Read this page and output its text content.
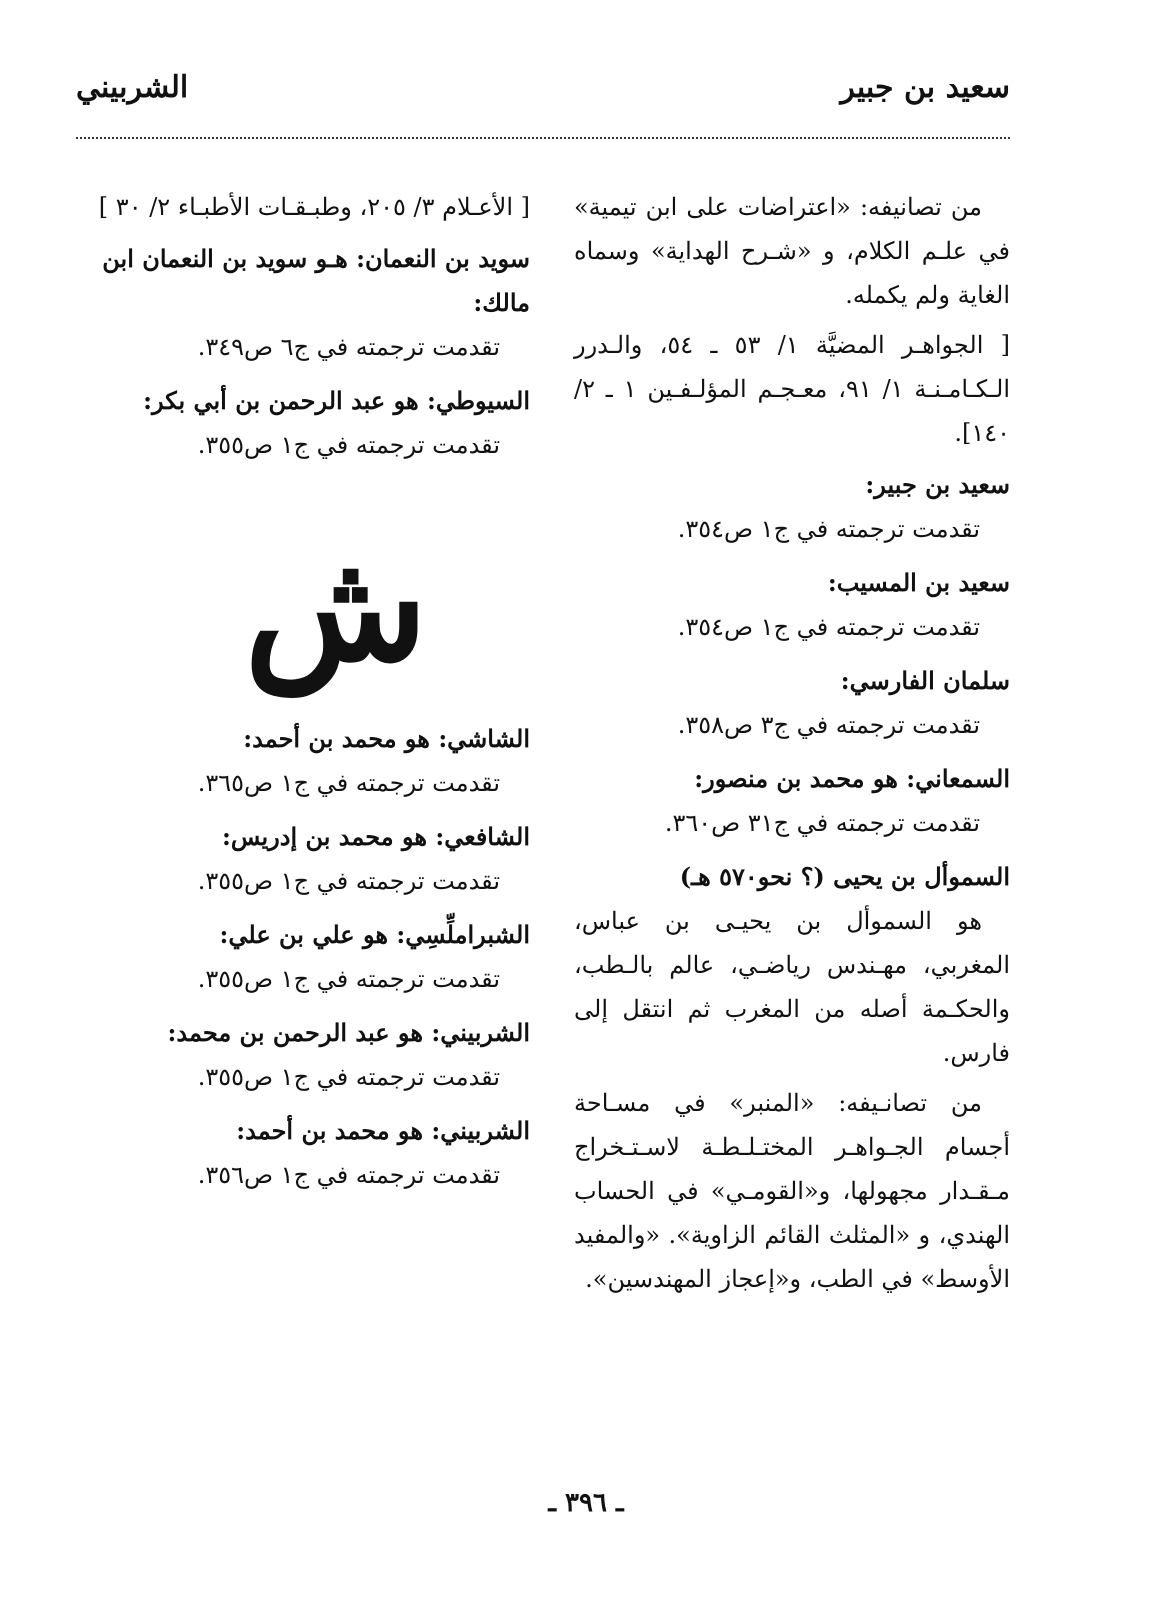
سعيد بن جبير
الشربيني

من تصانيفه: «اعتراضات على ابن تيمية» في علـم الكلام، و «شـرح الهداية» وسماه الغاية ولم يكمله.

[ الجواهـر المضيَّة ١/ ٥٣ ـ ٥٤، والـدرر الـكـامـنـة ١/ ٩١، معـجـم المؤلـفـين ١ ـ ٢/ ١٤٠].

سعيد بن جبير:

تقدمت ترجمته في ج١ ص٣٥٤.

سعيد بن المسيب:

تقدمت ترجمته في ج١ ص٣٥٤.

سلمان الفارسي:

تقدمت ترجمته في ج٣ ص٣٥٨.

السمعاني: هو محمد بن منصور:

تقدمت ترجمته في ج٣١ ص٣٦٠.

السموأل بن يحيى (؟ نحو٥٧٠ هـ)

هو السموأل بن يحيـى بن عباس، المغربي، مهـندس رياضـي، عالم بالـطب، والحكـمة أصله من المغرب ثم انتقل إلى فارس.

من تصانـيفه: «المنبر» في مسـاحة أجسام الجـواهـر المختـلـطـة لاسـتـخراج مـقـدار مجهولها، و«القومـي» في الحساب الهندي، و «المثلث القائم الزاوية». «والمفيد الأوسط» في الطب، و«إعجاز المهندسين».

[ الأعـلام ٣/ ٢٠٥، وطبـقـات الأطبـاء ٢/ ٣٠ ]

سويد بن النعمان: هـو سويد بن النعمان ابن مالك:

تقدمت ترجمته في ج٦ ص٣٤٩.

السيوطي: هو عبد الرحمن بن أبي بكر:

تقدمت ترجمته في ج١ ص٣٥٥.

ش

الشاشي: هو محمد بن أحمد:

تقدمت ترجمته في ج١ ص٣٦٥.

الشافعي: هو محمد بن إدريس:

تقدمت ترجمته في ج١ ص٣٥٥.

الشبراملِّسِي: هو علي بن علي:

تقدمت ترجمته في ج١ ص٣٥٥.

الشربيني: هو عبد الرحمن بن محمد:

تقدمت ترجمته في ج١ ص٣٥٥.

الشربيني: هو محمد بن أحمد:

تقدمت ترجمته في ج١ ص٣٥٦.

ـ ٣٩٦ ـ
